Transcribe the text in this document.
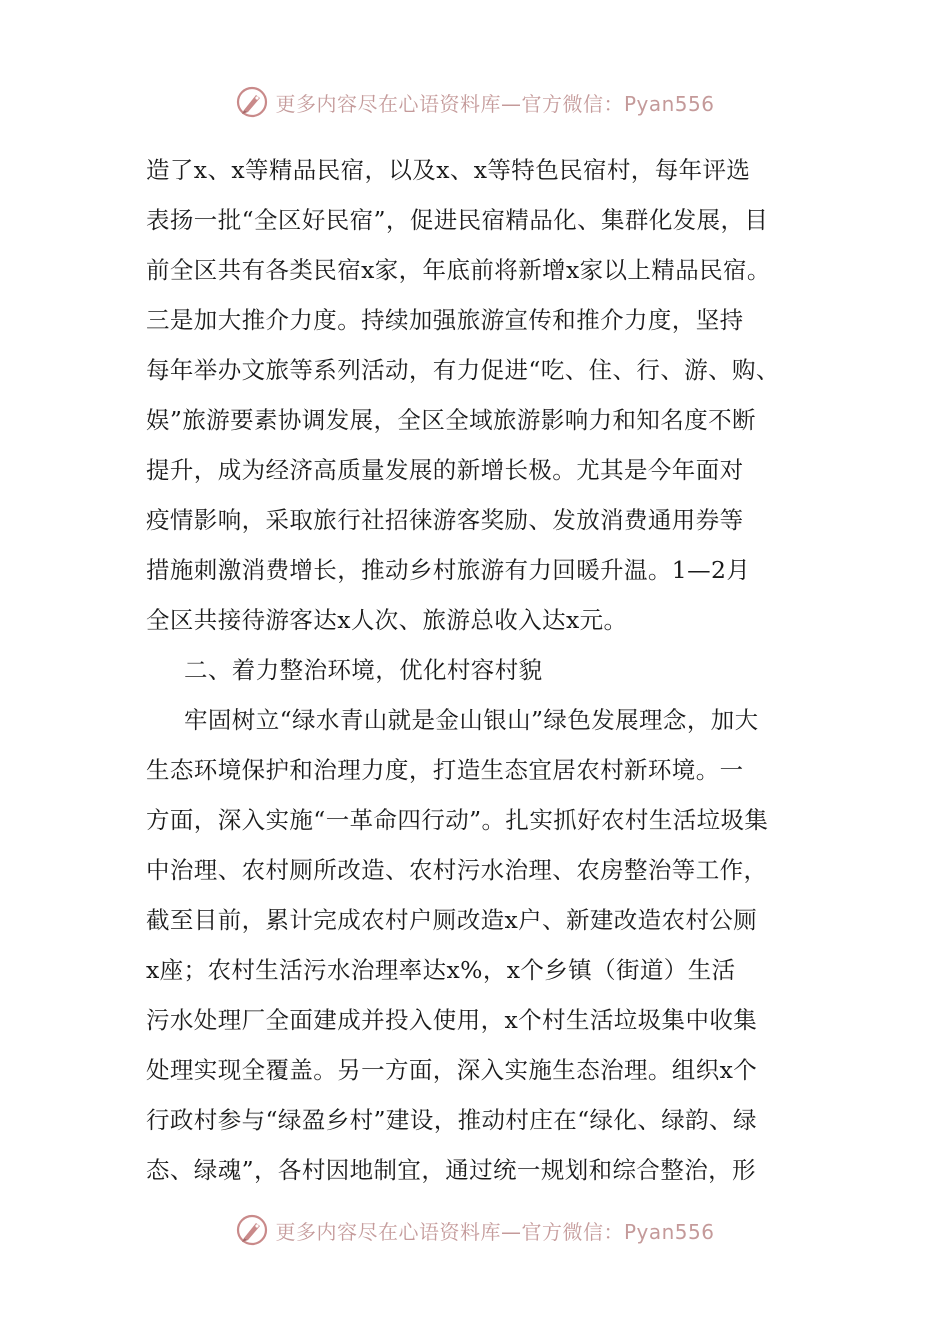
更多内容尽在心语资料库—官方微信：Pyan556
造了x、x等精品民宿，以及x、x等特色民宿村，每年评选
表扬一批“全区好民宿”，促进民宿精品化、集群化发展，目
前全区共有各类民宿x家，年底前将新增x家以上精品民宿。
三是加大推介力度。持续加强旅游宣传和推介力度，坚持
每年举办文旅等系列活动，有力促进“吃、住、行、游、购、
娱”旅游要素协调发展，全区全域旅游影响力和知名度不断
提升，成为经济高质量发展的新增长极。尤其是今年面对
疫情影响，采取旅行社招徕游客奖励、发放消费通用券等
措施刺激消费增长，推动乡村旅游有力回暖升温。1—2月
全区共接待游客达x人次、旅游总收入达x元。
二、着力整治环境，优化村容村貌
牢固树立“绿水青山就是金山银山”绿色发展理念，加大
生态环境保护和治理力度，打造生态宜居农村新环境。一
方面，深入实施“一革命四行动”。扎实抓好农村生活垃圾集
中治理、农村厕所改造、农村污水治理、农房整治等工作，
截至目前，累计完成农村户厕改造x户、新建改造农村公厕
x座；农村生活污水治理率达x%，x个乡镇（街道）生活
污水处理厂全面建成并投入使用，x个村生活垃圾集中收集
处理实现全覆盖。另一方面，深入实施生态治理。组织x个
行政村参与“绿盈乡村”建设，推动村庄在“绿化、绿韵、绿
态、绿魂”，各村因地制宜，通过统一规划和综合整治，形
更多内容尽在心语资料库—官方微信：Pyan556
